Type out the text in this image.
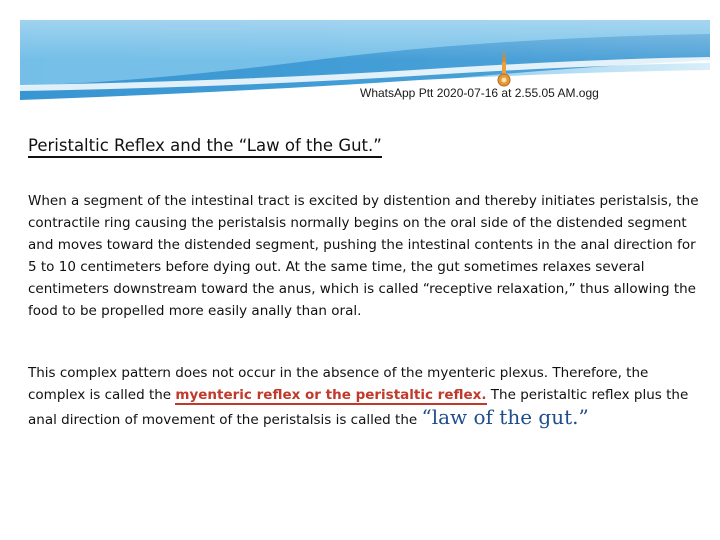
WhatsApp Ptt 2020-07-16 at 2.55.05 AM.ogg
Peristaltic Reflex and the “Law of the Gut.”
When a segment of the intestinal tract is excited by distention and thereby initiates peristalsis, the contractile ring causing the peristalsis normally begins on the oral side of the distended segment and moves toward the distended segment, pushing the intestinal contents in the anal direction for 5 to 10 centimeters before dying out. At the same time, the gut sometimes relaxes several centimeters downstream toward the anus, which is called “receptive relaxation,” thus allowing the food to be propelled more easily anally than oral.
This complex pattern does not occur in the absence of the myenteric plexus. Therefore, the complex is called the myenteric reflex or the peristaltic reflex. The peristaltic reflex plus the anal direction of movement of the peristalsis is called the “law of the gut.”
